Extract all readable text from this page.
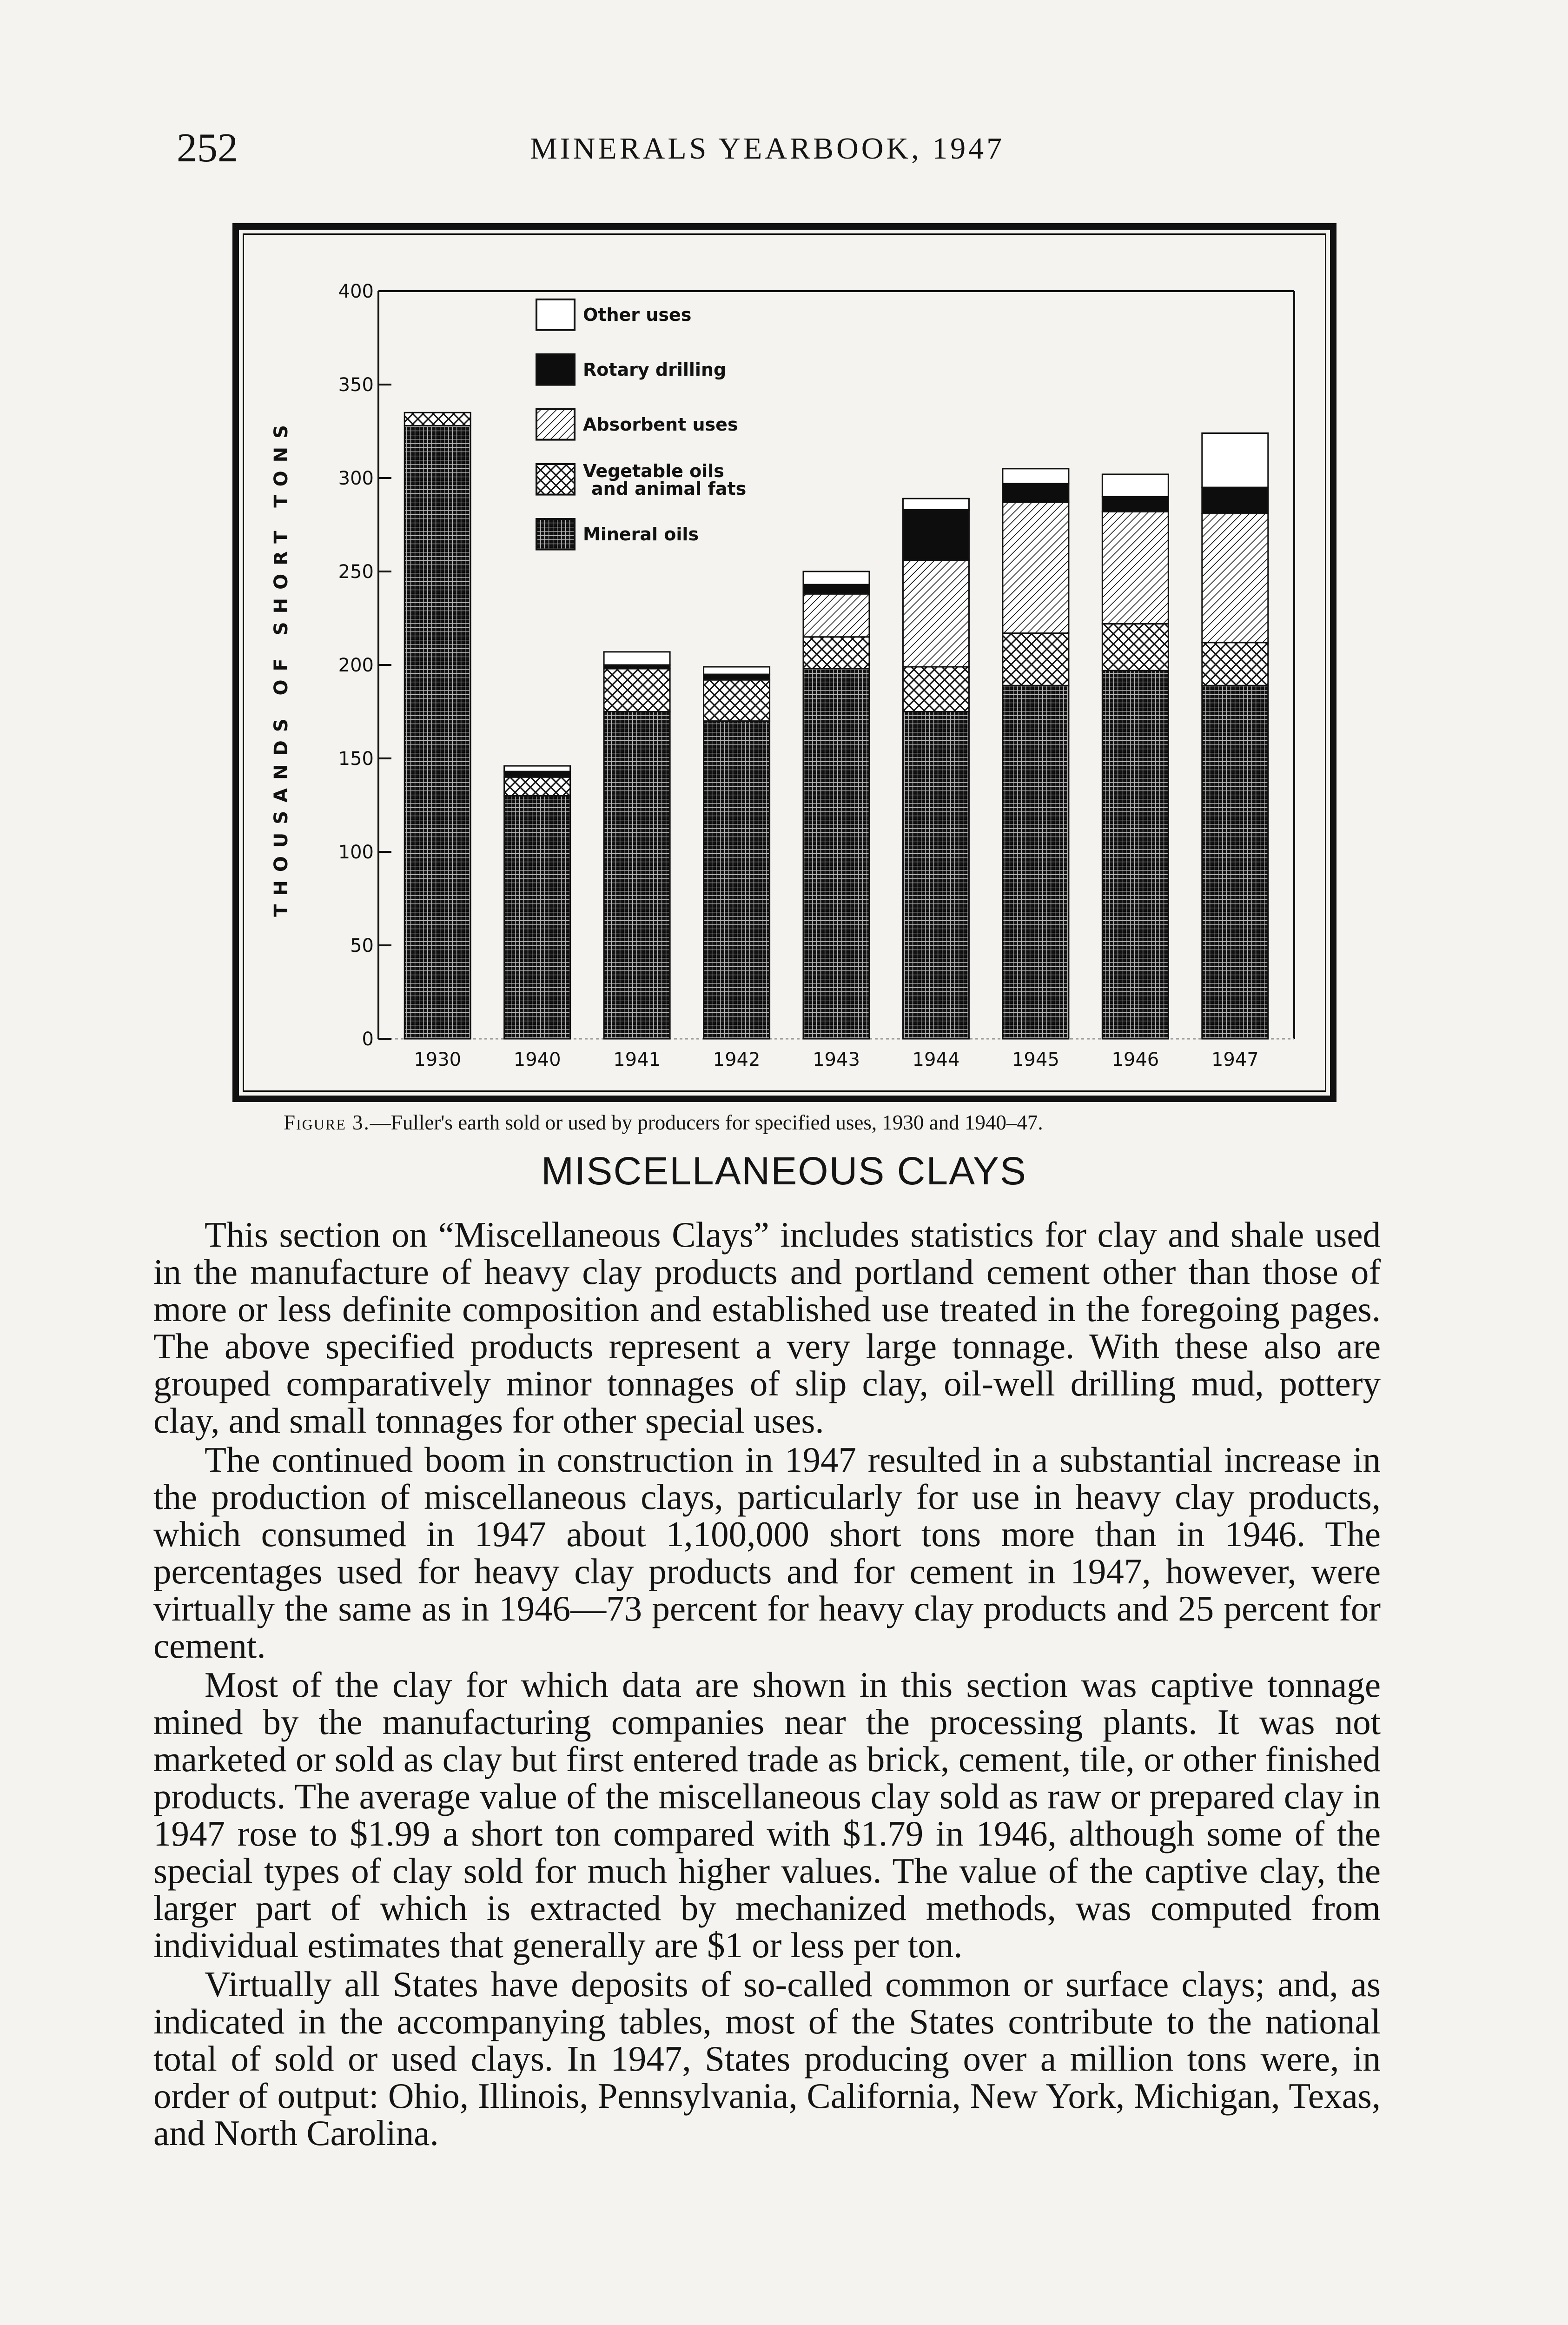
252	MINERALS YEARBOOK, 1947
0
50
100
150
200
250
300
350
400
1930	1940	1941	1942	1943	1944	1945	1946	1947
Other uses
Rotary drilling
Absorbent uses
Vegetable oils
and animal fats
Mineral oils
THOUSANDS OF SHORT TONS
Figure 3.—Fuller's earth sold or used by producers for specified uses, 1930 and 1940–47.
MISCELLANEOUS CLAYS

This section on “Miscellaneous Clays” includes statistics for clay and shale used in the manufacture of heavy clay products and portland cement other than those of more or less definite composition and established use treated in the foregoing pages. The above specified products represent a very large tonnage. With these also are grouped comparatively minor tonnages of slip clay, oil-well drilling mud, pottery clay, and small tonnages for other special uses.

The continued boom in construction in 1947 resulted in a substantial increase in the production of miscellaneous clays, particularly for use in heavy clay products, which consumed in 1947 about 1,100,000 short tons more than in 1946. The percentages used for heavy clay products and for cement in 1947, however, were virtually the same as in 1946—73 percent for heavy clay products and 25 percent for cement.

Most of the clay for which data are shown in this section was captive tonnage mined by the manufacturing companies near the processing plants. It was not marketed or sold as clay but first entered trade as brick, cement, tile, or other finished products. The average value of the miscellaneous clay sold as raw or prepared clay in 1947 rose to $1.99 a short ton compared with $1.79 in 1946, although some of the special types of clay sold for much higher values. The value of the captive clay, the larger part of which is extracted by mechanized methods, was computed from individual estimates that generally are $1 or less per ton.

Virtually all States have deposits of so-called common or surface clays; and, as indicated in the accompanying tables, most of the States contribute to the national total of sold or used clays. In 1947, States producing over a million tons were, in order of output: Ohio, Illinois, Pennsylvania, California, New York, Michigan, Texas, and North Carolina.
